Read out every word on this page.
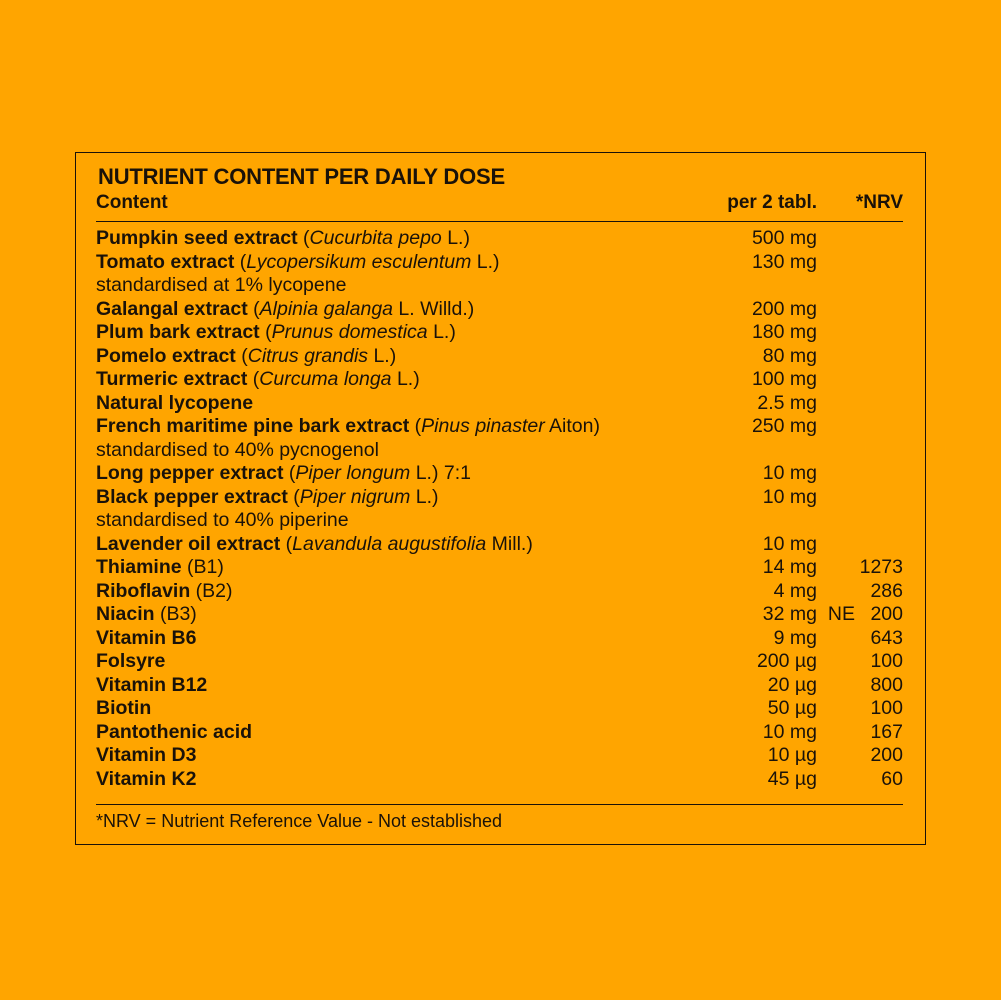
NUTRIENT CONTENT PER DAILY DOSE
Content	per 2 tabl. *NRV
Pumpkin seed extract (Cucurbita pepo L.)	500 mg
Tomato extract (Lycopersikum esculentum L.)	130 mg
standardised at 1% lycopene
Galangal extract (Alpinia galanga L. Willd.)	200 mg
Plum bark extract (Prunus domestica L.)	180 mg
Pomelo extract (Citrus grandis L.)	80 mg
Turmeric extract (Curcuma longa L.)	100 mg
Natural lycopene	2.5 mg
French maritime pine bark extract (Pinus pinaster Aiton)	250 mg
standardised to 40% pycnogenol
Long pepper extract (Piper longum L.) 7:1	10 mg
Black pepper extract (Piper nigrum L.)	10 mg
standardised to 40% piperine
Lavender oil extract (Lavandula augustifolia Mill.)	10 mg
Thiamine (B1)	14 mg 1273
Riboflavin (B2)	4 mg	286
Niacin (B3)	32 mg NE 200
Vitamin B6	9 mg	643
Folsyre	200 µg	100
Vitamin B12	20 µg	800
Biotin	50 µg	100
Pantothenic acid	10 mg	167
Vitamin D3	10 µg	200
Vitamin K2	45 µg	60
*NRV = Nutrient Reference Value - Not established
